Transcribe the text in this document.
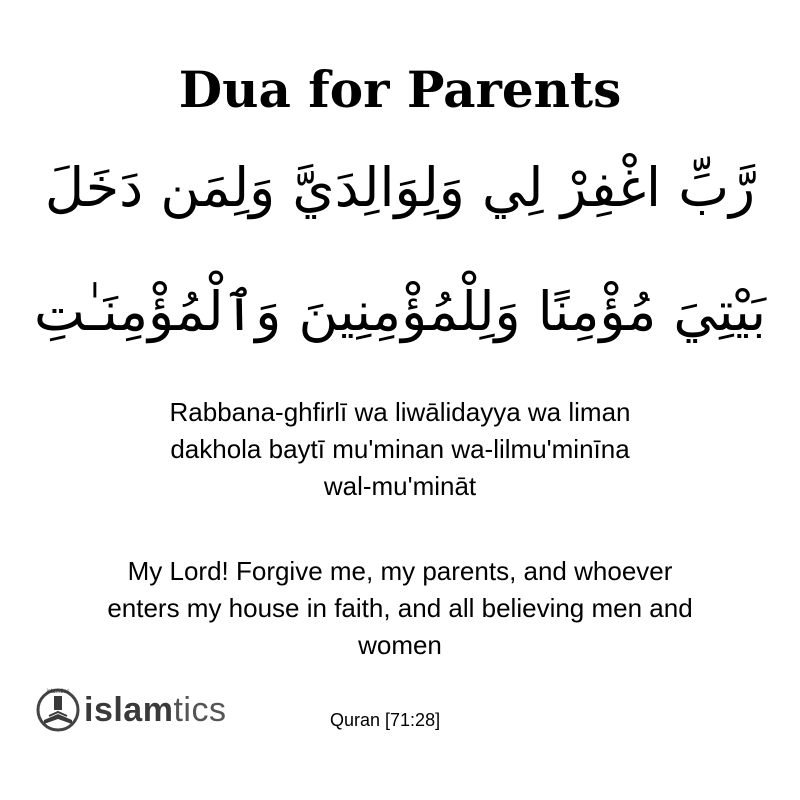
Dua for Parents
رَّبِّ اغْفِرْ لِي وَلِوَالِدَيَّ وَلِمَن دَخَلَ
بَيْتِيَ مُؤْمِنًا وَلِلْمُؤْمِنِينَ وَٱلْمُؤْمِنَـٰتِ
Rabbana-ghfirlī wa liwālidayya wa liman
dakhola baytī mu'minan wa-lilmu'minīna
wal-mu'mināt
My Lord! Forgive me, my parents, and whoever
enters my house in faith, and all believing men and
women
islamtics islamtics	Quran [71:28]
